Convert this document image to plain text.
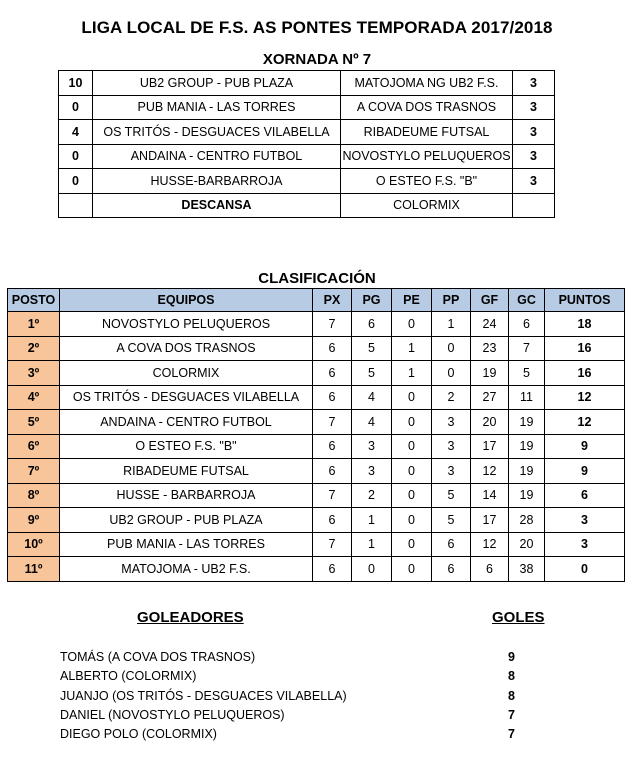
LIGA LOCAL DE F.S. AS PONTES TEMPORADA 2017/2018
XORNADA Nº 7
10	UB2 GROUP - PUB PLAZA	MATOJOMA NG UB2 F.S.	3
0	PUB MANIA - LAS TORRES	A COVA DOS TRASNOS	3
4	OS TRITÓS - DESGUACES VILABELLA	RIBADEUME FUTSAL	3
0	ANDAINA - CENTRO FUTBOL	NOVOSTYLO PELUQUEROS	3
0	HUSSE-BARBARROJA	O ESTEO F.S. "B"	3
	DESCANSA	COLORMIX	
CLASIFICACIÓN
POSTO	EQUIPOS	PX	PG	PE	PP	GF	GC	PUNTOS
1º	NOVOSTYLO PELUQUEROS	7	6	0	1	24	6	18
2º	A COVA DOS TRASNOS	6	5	1	0	23	7	16
3º	COLORMIX	6	5	1	0	19	5	16
4º	OS TRITÓS - DESGUACES VILABELLA	6	4	0	2	27	11	12
5º	ANDAINA - CENTRO FUTBOL	7	4	0	3	20	19	12
6º	O ESTEO F.S. "B"	6	3	0	3	17	19	9
7º	RIBADEUME FUTSAL	6	3	0	3	12	19	9
8º	HUSSE - BARBARROJA	7	2	0	5	14	19	6
9º	UB2 GROUP - PUB PLAZA	6	1	0	5	17	28	3
10º	PUB MANIA - LAS TORRES	7	1	0	6	12	20	3
11º	MATOJOMA - UB2 F.S.	6	0	0	6	6	38	0
GOLEADORES	GOLES
TOMÁS (A COVA DOS TRASNOS)	9
ALBERTO (COLORMIX)	8
JUANJO (OS TRITÓS - DESGUACES VILABELLA)	8
DANIEL (NOVOSTYLO PELUQUEROS)	7
DIEGO POLO (COLORMIX)	7
